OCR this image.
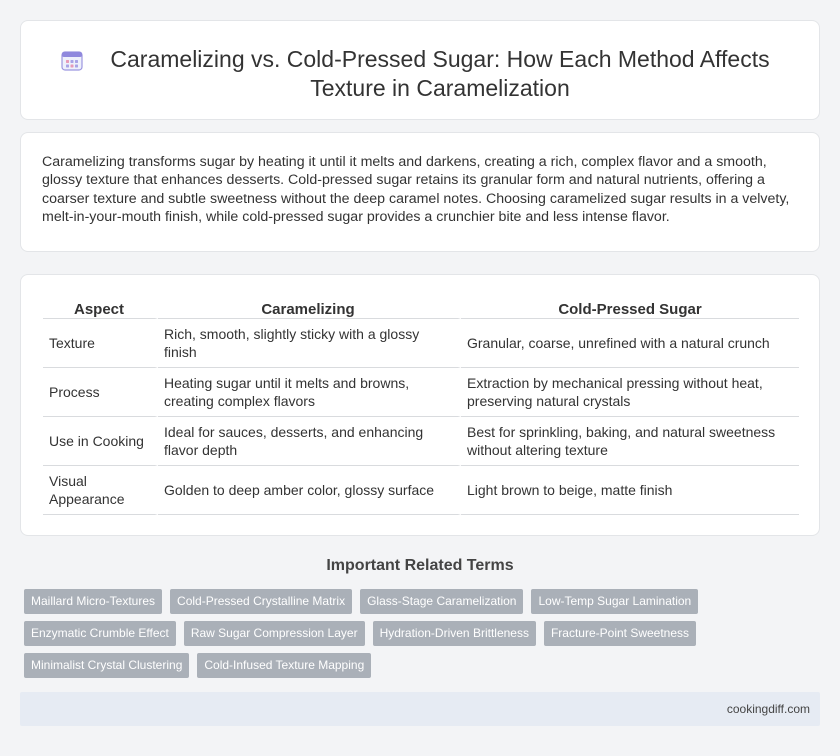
Caramelizing vs. Cold-Pressed Sugar: How Each Method Affects Texture in Caramelization

Caramelizing transforms sugar by heating it until it melts and darkens, creating a rich, complex flavor and a smooth, glossy texture that enhances desserts. Cold-pressed sugar retains its granular form and natural nutrients, offering a coarser texture and subtle sweetness without the deep caramel notes. Choosing caramelized sugar results in a velvety, melt-in-your-mouth finish, while cold-pressed sugar provides a crunchier bite and less intense flavor.

Aspect	Caramelizing	Cold-Pressed Sugar
Texture	Rich, smooth, slightly sticky with a glossy finish	Granular, coarse, unrefined with a natural crunch
Process	Heating sugar until it melts and browns, creating complex flavors	Extraction by mechanical pressing without heat, preserving natural crystals
Use in Cooking	Ideal for sauces, desserts, and enhancing flavor depth	Best for sprinkling, baking, and natural sweetness without altering texture
Visual Appearance	Golden to deep amber color, glossy surface	Light brown to beige, matte finish
Important Related Terms
Maillard Micro-Textures	Cold-Pressed Crystalline Matrix	Glass-Stage Caramelization	Low-Temp Sugar Lamination
Enzymatic Crumble Effect	Raw Sugar Compression Layer	Hydration-Driven Brittleness	Fracture-Point Sweetness
Minimalist Crystal Clustering	Cold-Infused Texture Mapping
cookingdiff.com
